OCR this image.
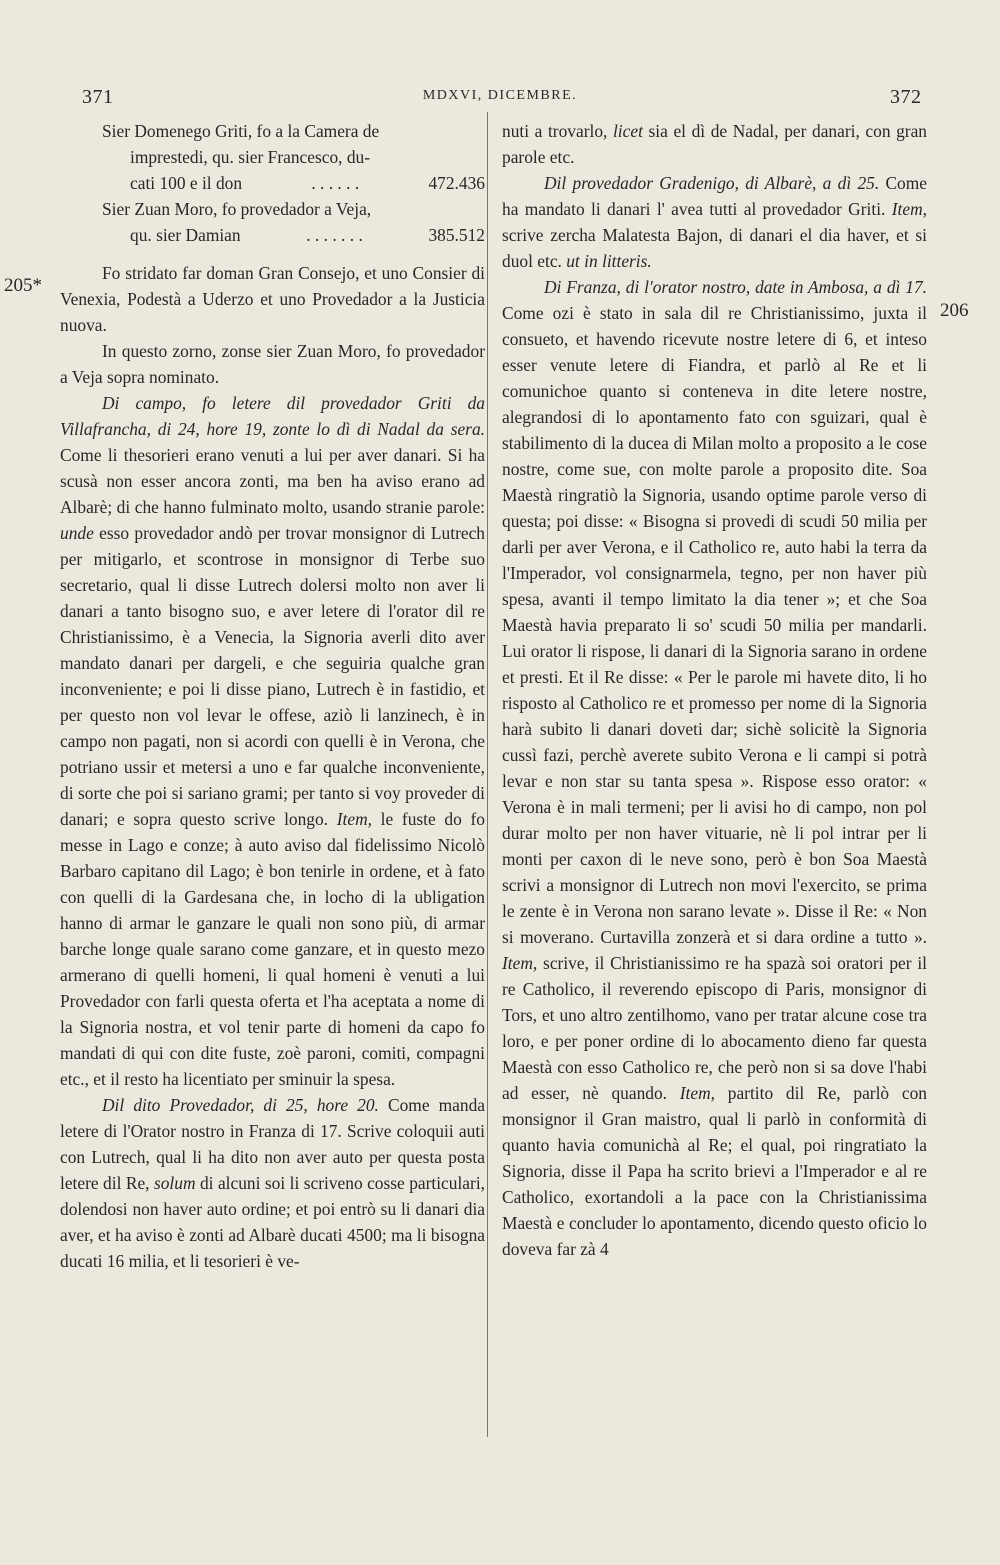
371	MDXVI, DICEMBRE.	372
205*
206
Sier Domenego Griti, fo a la Camera de
imprestedi, qu. sier Francesco, du-
cati 100 e il don	. . . . . .	472.436
Sier Zuan Moro, fo provedador a Veja,
qu. sier Damian	. . . . . . .	385.512

Fo stridato far doman Gran Consejo, et uno Consier di Venexia, Podestà a Uderzo et uno Provedador a la Justicia nuova.

In questo zorno, zonse sier Zuan Moro, fo provedador a Veja sopra nominato.

Di campo, fo letere dil provedador Griti da Villafrancha, di 24, hore 19, zonte lo dì di Nadal da sera. Come li thesorieri erano venuti a lui per aver danari. Si ha scusà non esser ancora zonti, ma ben ha aviso erano ad Albarè; di che hanno fulminato molto, usando stranie parole: unde esso provedador andò per trovar monsignor di Lutrech per mitigarlo, et scontrose in monsignor di Terbe suo secretario, qual li disse Lutrech dolersi molto non aver li danari a tanto bisogno suo, e aver letere di l'orator dil re Christianissimo, è a Venecia, la Signoria averli dito aver mandato danari per dargeli, e che seguiria qualche gran inconveniente; e poi li disse piano, Lutrech è in fastidio, et per questo non vol levar le offese, aziò li lanzinech, è in campo non pagati, non si acordi con quelli è in Verona, che potriano ussir et metersi a uno e far qualche inconveniente, di sorte che poi si sariano grami; per tanto si voy proveder di danari; e sopra questo scrive longo. Item, le fuste do fo messe in Lago e conze; à auto aviso dal fidelissimo Nicolò Barbaro capitano dil Lago; è bon tenirle in ordene, et à fato con quelli di la Gardesana che, in locho di la ubligation hanno di armar le ganzare le quali non sono più, di armar barche longe quale sarano come ganzare, et in questo mezo armerano di quelli homeni, li qual homeni è venuti a lui Provedador con farli questa oferta et l'ha aceptata a nome di la Signoria nostra, et vol tenir parte di homeni da capo fo mandati di qui con dite fuste, zoè paroni, comiti, compagni etc., et il resto ha licentiato per sminuir la spesa.

Dil dito Provedador, di 25, hore 20. Come manda letere di l'Orator nostro in Franza di 17. Scrive coloquii auti con Lutrech, qual li ha dito non aver auto per questa posta letere dil Re, solum di alcuni soi li scriveno cosse particulari, dolendosi non haver auto ordine; et poi entrò su li danari dia aver, et ha aviso è zonti ad Albarè ducati 4500; ma li bisogna ducati 16 milia, et li tesorieri è ve-

nuti a trovarlo, licet sia el dì de Nadal, per danari, con gran parole etc.

Dil provedador Gradenigo, di Albarè, a dì 25. Come ha mandato li danari l' avea tutti al provedador Griti. Item, scrive zercha Malatesta Bajon, di danari el dia haver, et si duol etc. ut in litteris.

Di Franza, di l'orator nostro, date in Ambosa, a dì 17. Come ozi è stato in sala dil re Christianissimo, juxta il consueto, et havendo ricevute nostre letere di 6, et inteso esser venute letere di Fiandra, et parlò al Re et li comunichoe quanto si conteneva in dite letere nostre, alegrandosi di lo apontamento fato con sguizari, qual è stabilimento di la ducea di Milan molto a proposito a le cose nostre, come sue, con molte parole a proposito dite. Soa Maestà ringratiò la Signoria, usando optime parole verso di questa; poi disse: « Bisogna si provedi di scudi 50 milia per darli per aver Verona, e il Catholico re, auto habi la terra da l'Imperador, vol consignarmela, tegno, per non haver più spesa, avanti il tempo limitato la dia tener »; et che Soa Maestà havia preparato li so' scudi 50 milia per mandarli. Lui orator li rispose, li danari di la Signoria sarano in ordene et presti. Et il Re disse: « Per le parole mi havete dito, li ho risposto al Catholico re et promesso per nome di la Signoria harà subito li danari doveti dar; sichè solicitè la Signoria cussì fazi, perchè averete subito Verona e li campi si potrà levar e non star su tanta spesa ». Rispose esso orator: « Verona è in mali termeni; per li avisi ho di campo, non pol durar molto per non haver vituarie, nè li pol intrar per li monti per caxon di le neve sono, però è bon Soa Maestà scrivi a monsignor di Lutrech non movi l'exercito, se prima le zente è in Verona non sarano levate ». Disse il Re: « Non si moverano. Curtavilla zonzerà et si dara ordine a tutto ». Item, scrive, il Christianissimo re ha spazà soi oratori per il re Catholico, il reverendo episcopo di Paris, monsignor di Tors, et uno altro zentilhomo, vano per tratar alcune cose tra loro, e per poner ordine di lo abocamento dieno far questa Maestà con esso Catholico re, che però non si sa dove l'habi ad esser, nè quando. Item, partito dil Re, parlò con monsignor il Gran maistro, qual li parlò in conformità di quanto havia comunichà al Re; el qual, poi ringratiato la Signoria, disse il Papa ha scrito brievi a l'Imperador e al re Catholico, exortandoli a la pace con la Christianissima Maestà e concluder lo apontamento, dicendo questo oficio lo doveva far zà 4
